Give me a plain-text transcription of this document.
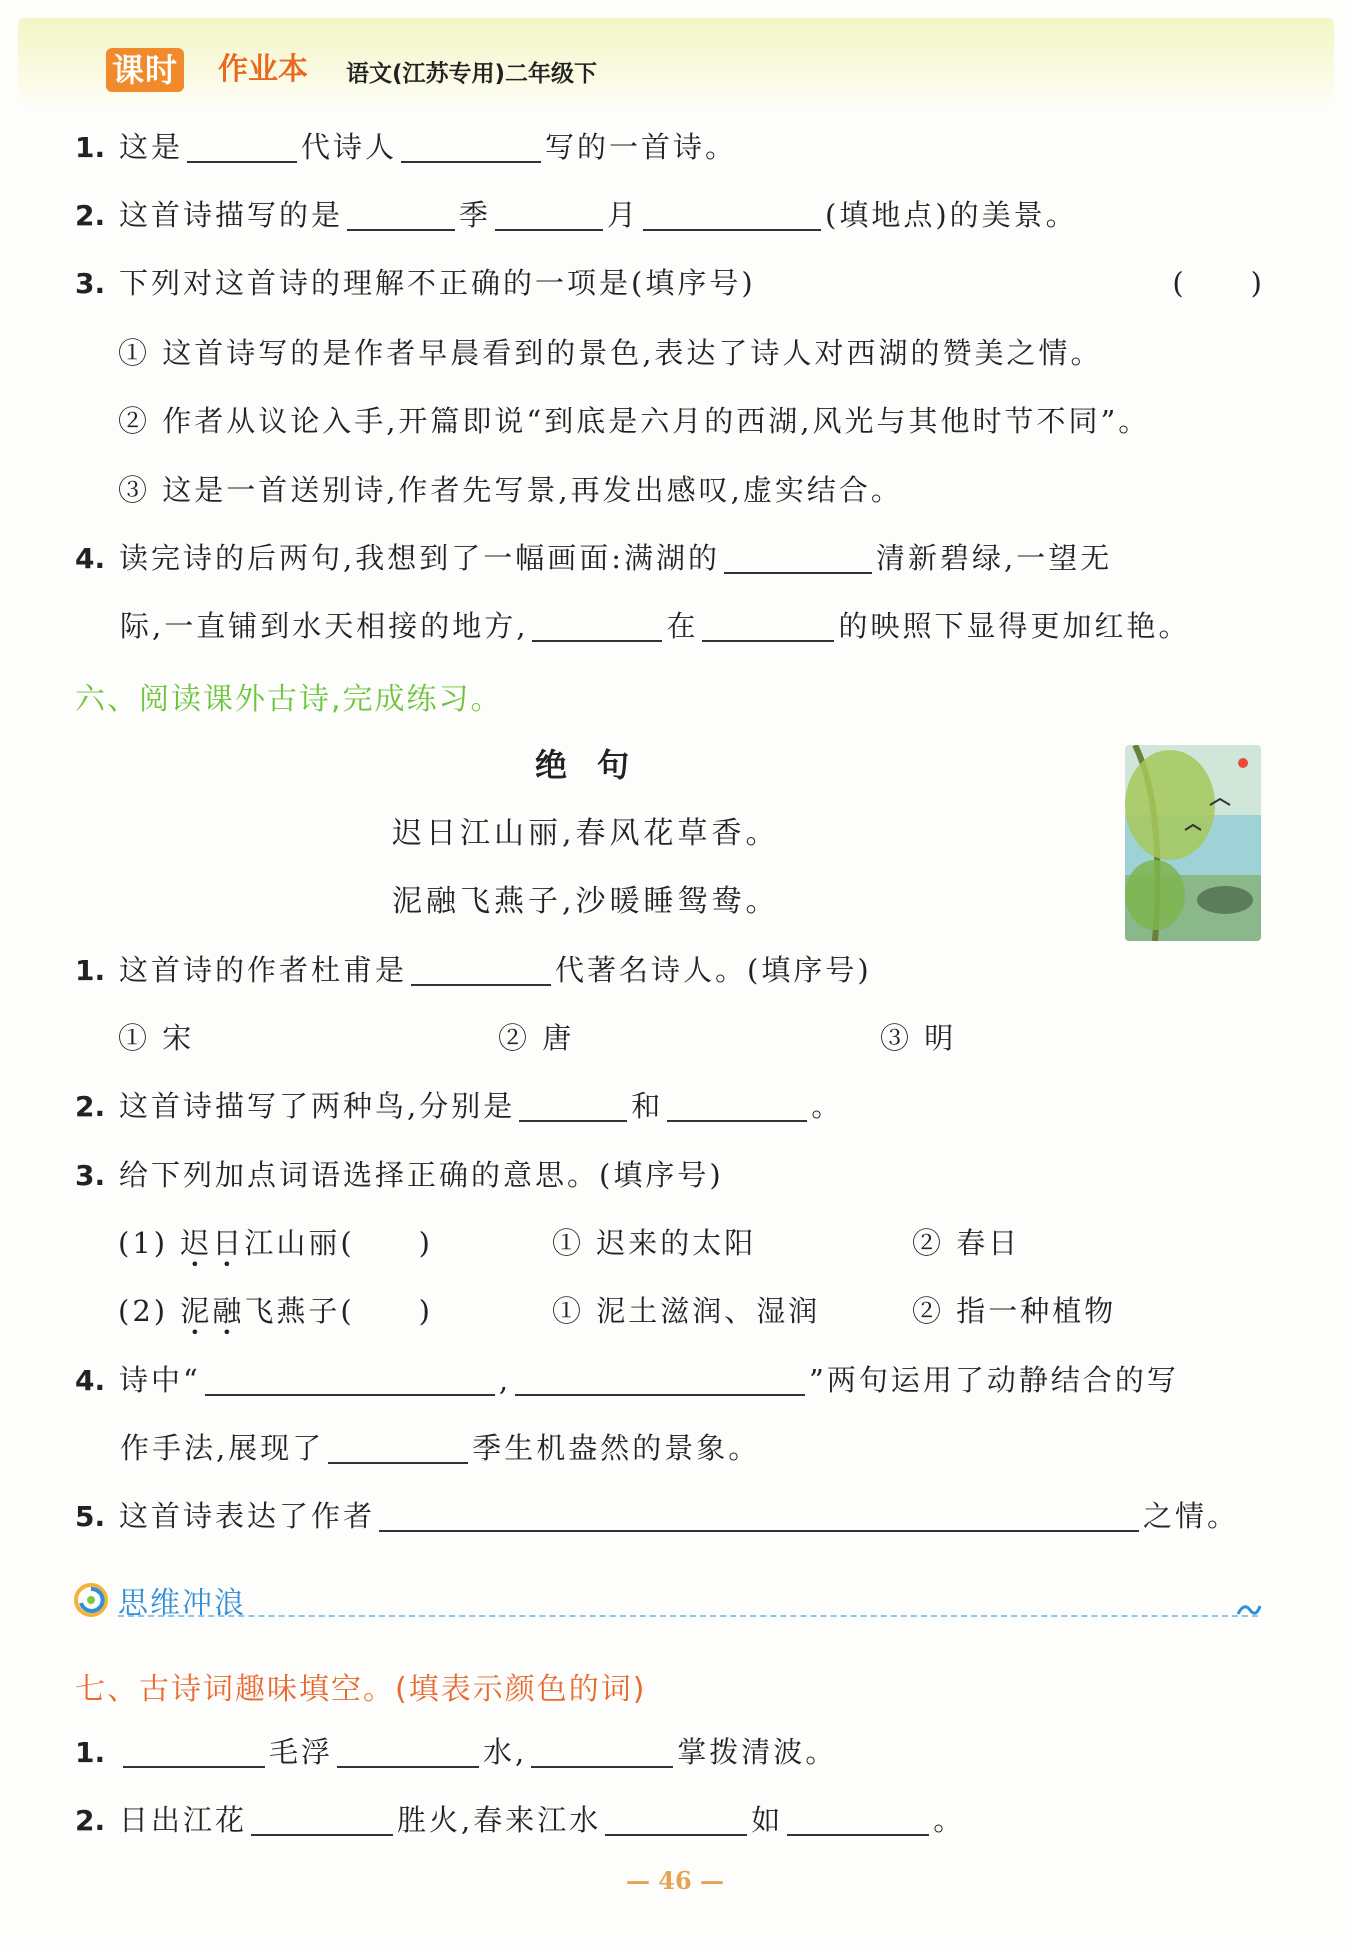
课时 作业本 语文(江苏专用)二年级下
1. 这是	代诗人	写的一首诗。
2. 这首诗描写的是	季	月	(填地点)的美景。
3. 下列对这首诗的理解不正确的一项是(填序号)	(　　)
① 这首诗写的是作者早晨看到的景色,表达了诗人对西湖的赞美之情。
② 作者从议论入手,开篇即说“到底是六月的西湖,风光与其他时节不同”。
③ 这是一首送别诗,作者先写景,再发出感叹,虚实结合。
4. 读完诗的后两句,我想到了一幅画面:满湖的	清新碧绿,一望无
际,一直铺到水天相接的地方,	在	的映照下显得更加红艳。
六、阅读课外古诗,完成练习。
绝句
迟日江山丽,春风花草香。
泥融飞燕子,沙暖睡鸳鸯。
1. 这首诗的作者杜甫是	代著名诗人。(填序号)
① 宋	② 唐	③ 明
2. 这首诗描写了两种鸟,分别是	和	。
3. 给下列加点词语选择正确的意思。(填序号)
(1) 迟日江山丽(　　)	① 迟来的太阳	② 春日
(2) 泥融飞燕子(　　)	① 泥土滋润、湿润	② 指一种植物
4. 诗中“	,	”两句运用了动静结合的写
作手法,展现了	季生机盎然的景象。
5. 这首诗表达了作者	之情。
思维冲浪
七、古诗词趣味填空。(填表示颜色的词)
1.	毛浮	水,	掌拨清波。
2. 日出江花	胜火,春来江水	如	。
— 46 —
